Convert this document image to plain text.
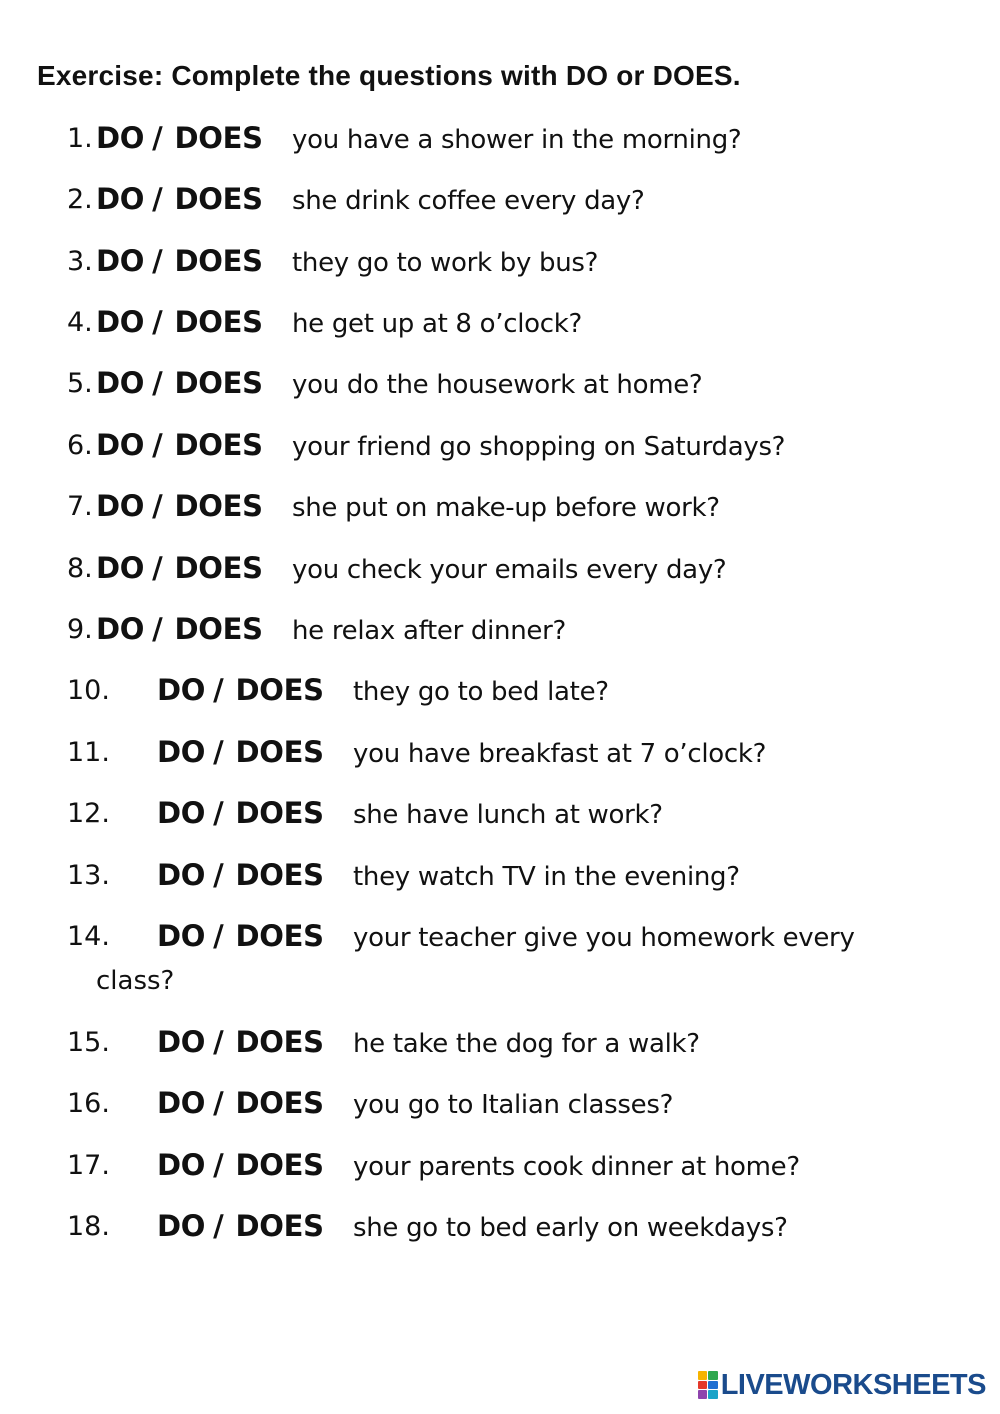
Exercise: Complete the questions with DO or DOES.
1. DO / DOES you have a shower in the morning?
2. DO / DOES she drink coffee every day?
3. DO / DOES they go to work by bus?
4. DO / DOES he get up at 8 o’clock?
5. DO / DOES you do the housework at home?
6. DO / DOES your friend go shopping on Saturdays?
7. DO / DOES she put on make-up before work?
8. DO / DOES you check your emails every day?
9. DO / DOES he relax after dinner?
10. DO / DOES they go to bed late?
11. DO / DOES you have breakfast at 7 o’clock?
12. DO / DOES she have lunch at work?
13. DO / DOES they watch TV in the evening?
14. DO / DOES your teacher give you homework every
class?
15. DO / DOES he take the dog for a walk?
16. DO / DOES you go to Italian classes?
17. DO / DOES your parents cook dinner at home?
18. DO / DOES she go to bed early on weekdays?
LIVEWORKSHEETS
